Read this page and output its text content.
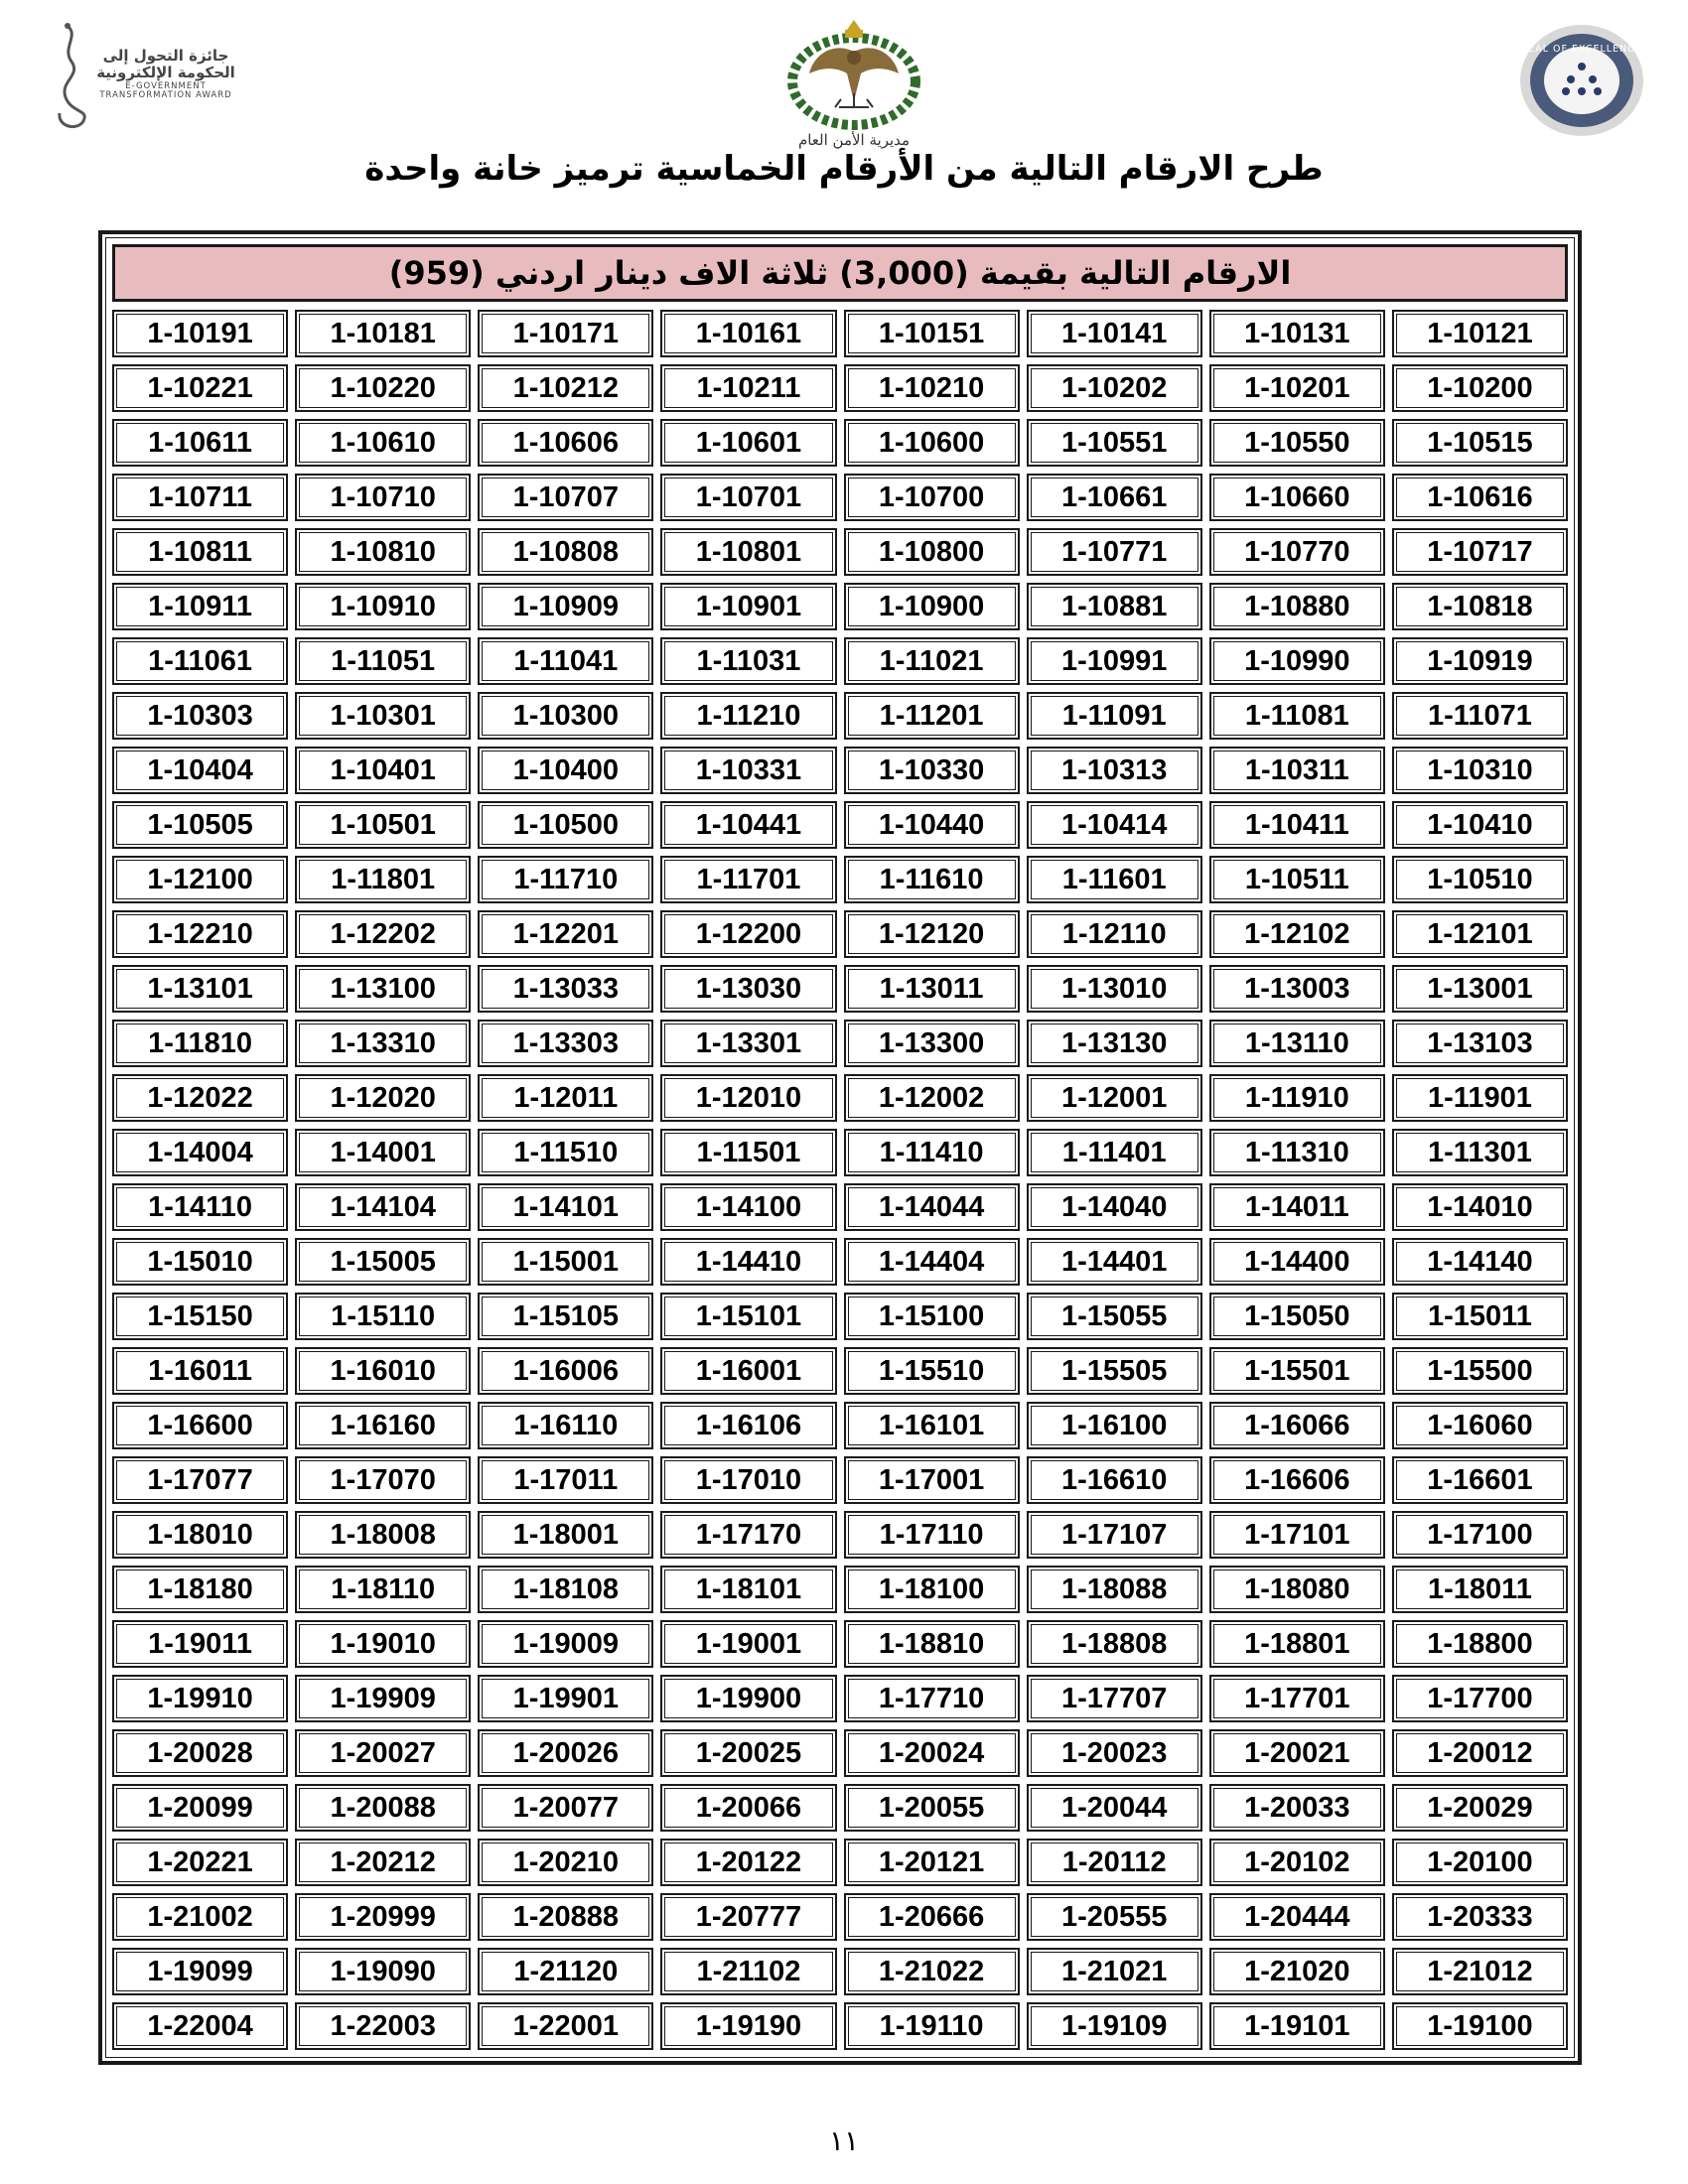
جائزة التحول إلى
الحكومة الإلكترونية
E-GOVERNMENT
TRANSFORMATION AWARD
مديرية الأمن العام
SEAL OF EXCELLENCE
طرح الارقام التالية من الأرقام الخماسية ترميز خانة واحدة
الارقام التالية بقيمة (3,000) ثلاثة الاف دينار اردني (959)
1-10121
1-10131
1-10141
1-10151
1-10161
1-10171
1-10181
1-10191
1-10200
1-10201
1-10202
1-10210
1-10211
1-10212
1-10220
1-10221
1-10515
1-10550
1-10551
1-10600
1-10601
1-10606
1-10610
1-10611
1-10616
1-10660
1-10661
1-10700
1-10701
1-10707
1-10710
1-10711
1-10717
1-10770
1-10771
1-10800
1-10801
1-10808
1-10810
1-10811
1-10818
1-10880
1-10881
1-10900
1-10901
1-10909
1-10910
1-10911
1-10919
1-10990
1-10991
1-11021
1-11031
1-11041
1-11051
1-11061
1-11071
1-11081
1-11091
1-11201
1-11210
1-10300
1-10301
1-10303
1-10310
1-10311
1-10313
1-10330
1-10331
1-10400
1-10401
1-10404
1-10410
1-10411
1-10414
1-10440
1-10441
1-10500
1-10501
1-10505
1-10510
1-10511
1-11601
1-11610
1-11701
1-11710
1-11801
1-12100
1-12101
1-12102
1-12110
1-12120
1-12200
1-12201
1-12202
1-12210
1-13001
1-13003
1-13010
1-13011
1-13030
1-13033
1-13100
1-13101
1-13103
1-13110
1-13130
1-13300
1-13301
1-13303
1-13310
1-11810
1-11901
1-11910
1-12001
1-12002
1-12010
1-12011
1-12020
1-12022
1-11301
1-11310
1-11401
1-11410
1-11501
1-11510
1-14001
1-14004
1-14010
1-14011
1-14040
1-14044
1-14100
1-14101
1-14104
1-14110
1-14140
1-14400
1-14401
1-14404
1-14410
1-15001
1-15005
1-15010
1-15011
1-15050
1-15055
1-15100
1-15101
1-15105
1-15110
1-15150
1-15500
1-15501
1-15505
1-15510
1-16001
1-16006
1-16010
1-16011
1-16060
1-16066
1-16100
1-16101
1-16106
1-16110
1-16160
1-16600
1-16601
1-16606
1-16610
1-17001
1-17010
1-17011
1-17070
1-17077
1-17100
1-17101
1-17107
1-17110
1-17170
1-18001
1-18008
1-18010
1-18011
1-18080
1-18088
1-18100
1-18101
1-18108
1-18110
1-18180
1-18800
1-18801
1-18808
1-18810
1-19001
1-19009
1-19010
1-19011
1-17700
1-17701
1-17707
1-17710
1-19900
1-19901
1-19909
1-19910
1-20012
1-20021
1-20023
1-20024
1-20025
1-20026
1-20027
1-20028
1-20029
1-20033
1-20044
1-20055
1-20066
1-20077
1-20088
1-20099
1-20100
1-20102
1-20112
1-20121
1-20122
1-20210
1-20212
1-20221
1-20333
1-20444
1-20555
1-20666
1-20777
1-20888
1-20999
1-21002
1-21012
1-21020
1-21021
1-21022
1-21102
1-21120
1-19090
1-19099
1-19100
1-19101
1-19109
1-19110
1-19190
1-22001
1-22003
1-22004
١١
